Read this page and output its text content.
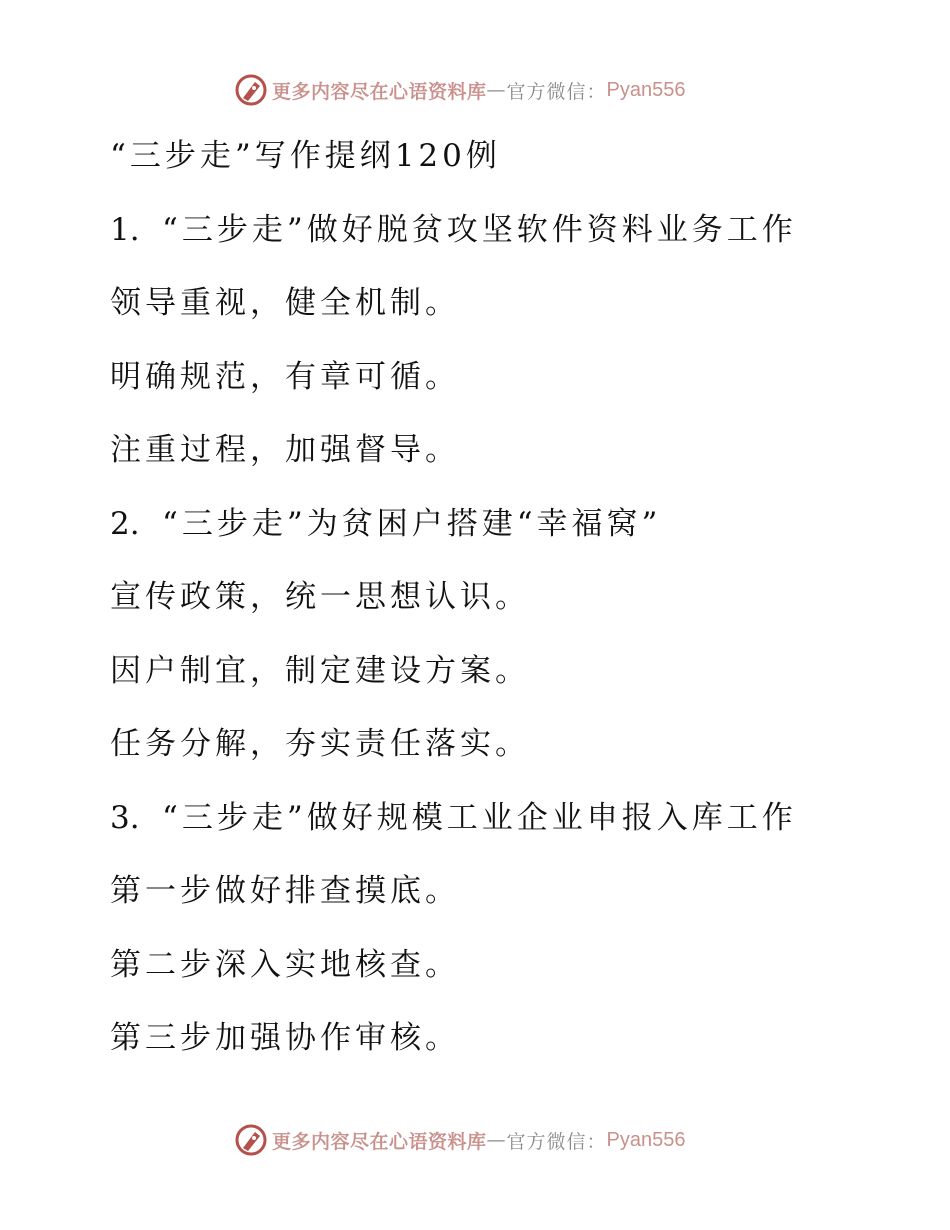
更多内容尽在心语资料库 — 官方微信： Pyan556
“三步走”写作提纲120例
1. “三步走”做好脱贫攻坚软件资料业务工作
领导重视，健全机制。
明确规范，有章可循。
注重过程，加强督导。
2. “三步走”为贫困户搭建“幸福窝”
宣传政策，统一思想认识。
因户制宜，制定建设方案。
任务分解，夯实责任落实。
3. “三步走”做好规模工业企业申报入库工作
第一步做好排查摸底。
第二步深入实地核查。
第三步加强协作审核。
更多内容尽在心语资料库 — 官方微信： Pyan556
